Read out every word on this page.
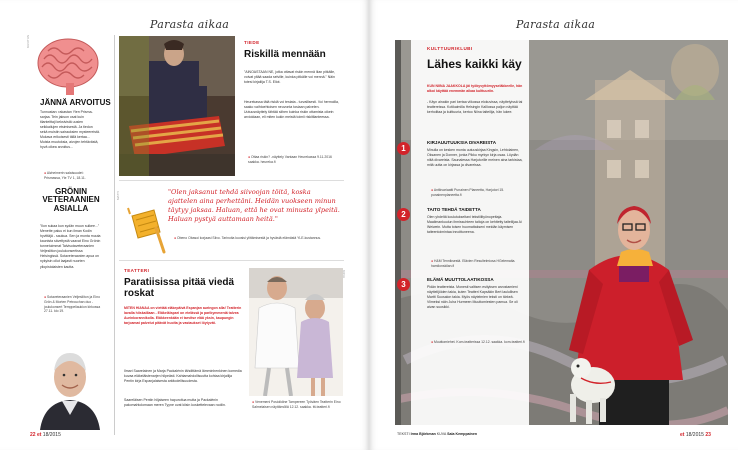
Parasta aikaa
KUVITUS
JÄNNÄ ARVOITUS
Tunnustan: rakastan Yleн Prisma-sarjaa. Tein jakson osat kuin tilanteittaji keksivistä uusien seikkailujen etsimisestä. Ja tiedon sekä muistin sairauksien mysteereistä. Mukava erikoisesti tällä kertaa... Muista muutoksia, aivojen tehtävästä, hyvä oikea arvoitus...
● Alzheimerin salaisuudet: Prismassa, Yle TV 1, 18.11.
GRÖNIN VETERAANIEN ASIALLA
"Ilon sukaa kun sydän muun sulkee..." Menette paluu ei kun ilman Kodin hyvittäjä - saukua. Sen ja monta muuta kaunista säveltystä vaavat Eino Grönin tunnetuimmat Talvisotaveteraanien Veljesliiton joulukonsertissa Helsingissä. Sotaveteraanien apua on nykyisin ollut laajasti nuorten yliopistolaisten kautta.
● Sotaveteraanien Veljesliiton ja Eino Grön & Morten Petrouchan duo - joulukonsert Temppeliaukion kirkossa 27.11. klo 19.
TIEDE
Riskillä mennään
"AINOASTAAN NE, jotka ottavat riskin mennä liian pitkälle, voivat yltää saada selville, kuinka pitkälle voi mennä." Näin totesi kirjailija T.S. Eliot.
Heurekassa tätä riskiä voi testata - turvallisesti. Voi hermoilla, saako vaihtoehtoisen neuvonta tosiaan palvelen. Uutuusnäyttely tähtää siihen kuinka riskin ottamista oikein arvioidaan, eli miten kukin meistä toimii riskitilanteessa.
● Ottaa riskin? -näyttely Vantaan Heurekassa 9.11.2016 saakka. heureka.fi
MATTI	"Olen jaksanut tehdä siivoojan töitä, koska ajattelen aina perhettäni. Heidän vuokseen minun täytyy jaksaa. Haluan, että he ovat minusta ylpeitä. Haluan pystyä auttamaan heitä."
● Obeno Obasoi korjaasi Siivo. Tarinoita kuvaisi ylittämisestä ja hyvästä elämästä YLE-kustannus.
TEATTERI
Paratiisissa pitää viedä roskat
MITEN HIANAA on viettää eläkepäivä Espanjan auringon alla! Teatterin lavalla hiiskaillaan - Eläkeläispari on etelässä ja parikymmentä talvea Aurinkorannikolla. Eläkkeenkään ei tarvitse elää yksin, kaupungin tarjoamat palvelut pitävät huolta ja vastaukset löytyvät.
Ilmari Saarelainen ja Marja Packalénin tähdittämä lämminhenkinen komedia kuvaa eläkeläistenarjen hilpeästi. Kahtamahdollisuutta kohtaa kirjailija Pentin kirja Espanjalaisesta arkitodellisuudesta.
Saareläisen Pentin hiljaiseen hapuroitua mutta ja Packalénin pakomahtolomaan meren Tyyne ovat kiisin koskettelevaan rooliin.
KUVA
● Venemeni Posiolidine Tampereen Työväen Teatterin Eino Salmelaisen näyttämöllä 12.12. saakka. ttt-teatteri.fi
22 et 18/2015
Parasta aikaa
KULTTUURIKLUBI
Lähes kaikki käy
KUN NIINA JAAKKOLA jäi työkyvyttömyyseläkkeelle, hän alkoi käyttää enemmän aikaa kulttuuriin.
- Käyn ainakin pari kertaa viikossa elokuvissa, näyttelyissä tai teattereissa. Kotikaimilla Helsingin Kalliossa paljon näyttää kerhoiltaa ja kulttuuria, kertoo Niina taiteilija, hän lukee.
1
KIRJAUUTUUKSIA DIVAREISTA
Minulla on kesken monta uutuuskirjaa Kingsin, Lehtolainen, Oksanen ja Donner, jonka Pikku myrkyn kirja osaa. Löydän niitä divareista. Saunalessa Harjutorille meinen aina tarkistaa, mitä uutta on kirjassa ja divareissa.
● Antikvariaatti Punainen Planeetta, Harjutori 15. punainenplaneetta.fi
2
TAITO TEHDÄ TAIDETTA
Olen yhdeltä koulutukseltani tekstiilityönopettaja. Maailmankuulun ihmissuhteen taitoja on kehitetty taiteilijaa Ai Weiwein. Mutta toisen huomattakseni meidän käymisen taiteentoimintaa innoittuneena.
● H&M Tenniksestä. Elävien Resultelmiosa HGelemaita. hamilonskilan.fi
3
ELÄMÄ MUUTTOLAATIKOSSA
Pidän teattereista. Monesti valitsen esityksen arvostamieni näyttelijöiden takia, kuten Teatteri Kapsäkin Bert laulullisen Martti Suosalon takia. Myös näytelmien teksti on tärkeä. Viimeksi näin Juha Hurmeen Muuttomiesten pamua. Se oli aivan suosikki.
● Muuttomiehet. Kom-teatterissa 12.12. saakka. kom-teatteri.fi
TEKSTI Irma Björkman KUVA Sala Kemppainen	et 18/2015 23
